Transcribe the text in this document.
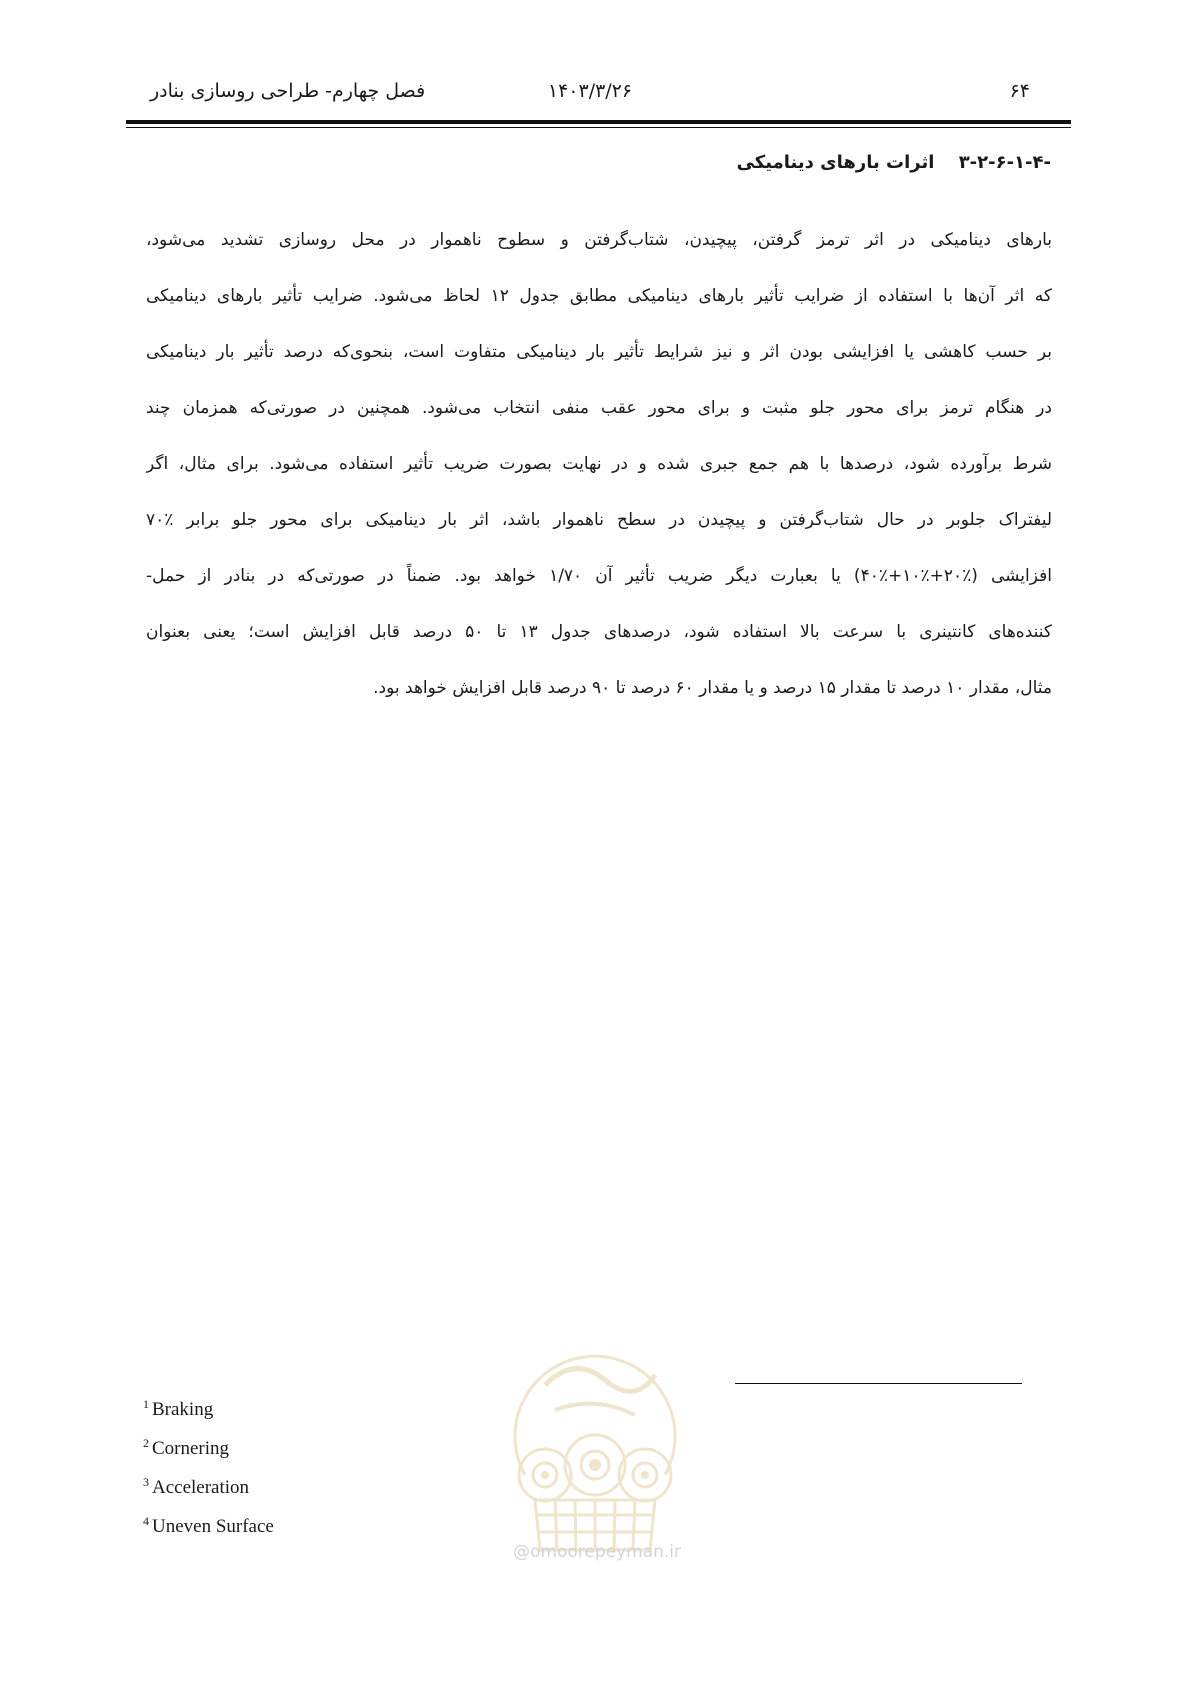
۶۴
۱۴۰۳/۳/۲۶
فصل چهارم- طراحی روسازی بنادر
-۳-۲-۶-۱-۴ اثرات بارهای دینامیکی
بارهای دینامیکی در اثر ترمز گرفتن، پیچیدن، شتاب‌گرفتن و سطوح ناهموار در محل روسازی تشدید می‌شود،
که اثر آن‌ها با استفاده از ضرایب تأثیر بارهای دینامیکی مطابق جدول ۱۲ لحاظ می‌شود. ضرایب تأثیر بارهای دینامیکی
بر حسب کاهشی یا افزایشی بودن اثر و نیز شرایط تأثیر بار دینامیکی متفاوت است، بنحوی‌که درصد تأثیر بار دینامیکی
در هنگام ترمز برای محور جلو مثبت و برای محور عقب منفی انتخاب می‌شود. همچنین در صورتی‌که همزمان چند
شرط برآورده شود، درصدها با هم جمع جبری شده و در نهایت بصورت ضریب تأثیر استفاده می‌شود. برای مثال، اگر
لیفتراک جلوبر در حال شتاب‌گرفتن و پیچیدن در سطح ناهموار باشد، اثر بار دینامیکی برای محور جلو برابر ٪۷۰
افزایشی (٪۲۰+٪۱۰+٪۴۰) یا بعبارت دیگر ضریب تأثیر آن ۱/۷۰ خواهد بود. ضمناً در صورتی‌که در بنادر از حمل-
کننده‌های کانتینری با سرعت بالا استفاده شود، درصدهای جدول ۱۳ تا ۵۰ درصد قابل افزایش است؛ یعنی بعنوان
مثال، مقدار ۱۰ درصد تا مقدار ۱۵ درصد و یا مقدار ۶۰ درصد تا ۹۰ درصد قابل افزایش خواهد بود.
$^1$ Braking
$^2$ Cornering
$^3$ Acceleration
$^4$ Uneven Surface
@omoorepeyman.ir
